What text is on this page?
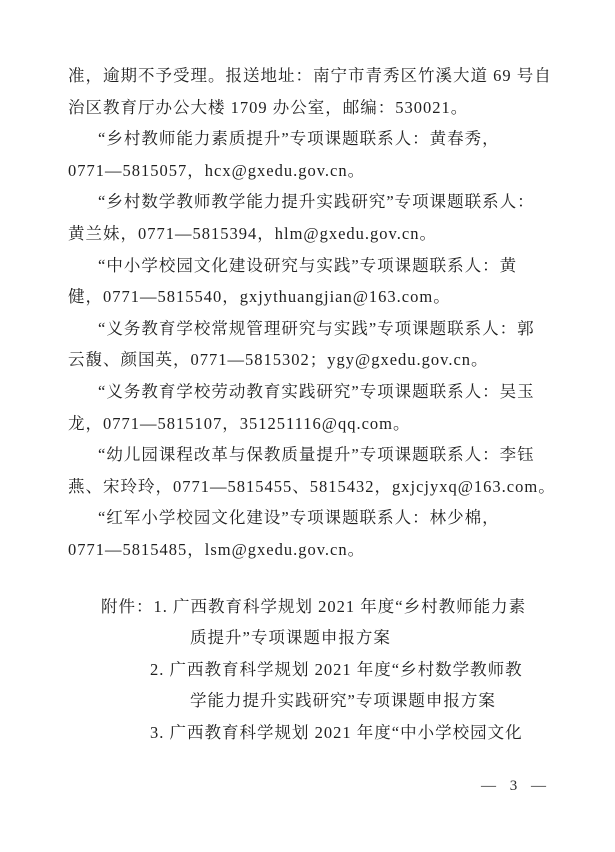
准，逾期不予受理。报送地址：南宁市青秀区竹溪大道 69 号自
治区教育厅办公大楼 1709 办公室，邮编：530021。
“乡村教师能力素质提升”专项课题联系人：黄春秀，
0771—5815057，hcx@gxedu.gov.cn。
“乡村数学教师教学能力提升实践研究”专项课题联系人：
黄兰妹，0771—5815394，hlm@gxedu.gov.cn。
“中小学校园文化建设研究与实践”专项课题联系人：黄
健，0771—5815540，gxjythuangjian@163.com。
“义务教育学校常规管理研究与实践”专项课题联系人：郭
云馥、颜国英，0771—5815302；ygy@gxedu.gov.cn。
“义务教育学校劳动教育实践研究”专项课题联系人：吴玉
龙，0771—5815107，351251116@qq.com。
“幼儿园课程改革与保教质量提升”专项课题联系人：李钰
燕、宋玲玲，0771—5815455、5815432，gxjcjyxq@163.com。
“红军小学校园文化建设”专项课题联系人：林少棉，
0771—5815485，lsm@gxedu.gov.cn。
附件：1. 广西教育科学规划 2021 年度“乡村教师能力素
质提升”专项课题申报方案
2. 广西教育科学规划 2021 年度“乡村数学教师教
学能力提升实践研究”专项课题申报方案
3. 广西教育科学规划 2021 年度“中小学校园文化
— 3 —
